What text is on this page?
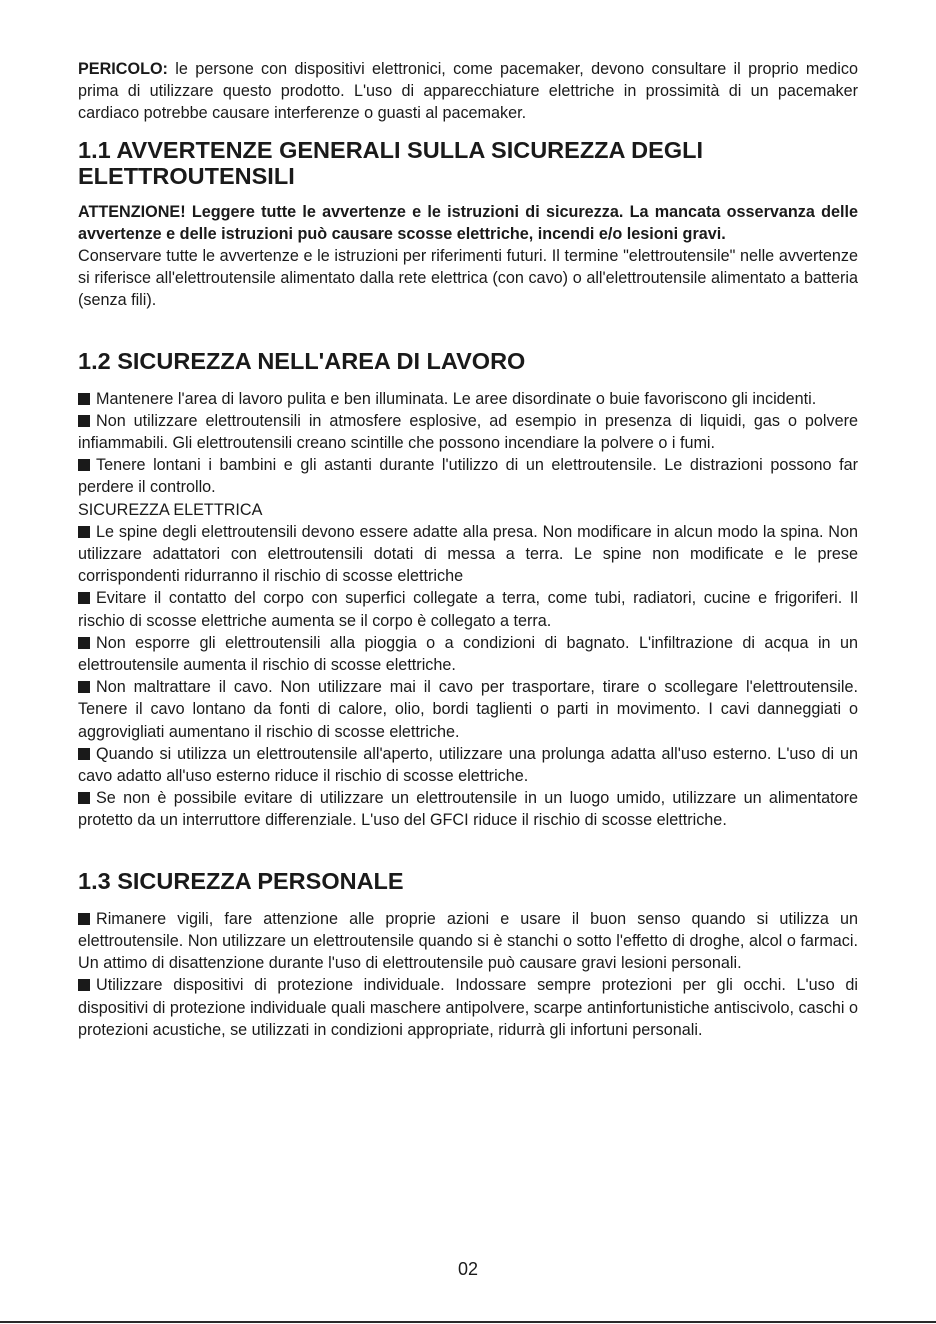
PERICOLO: le persone con dispositivi elettronici, come pacemaker, devono consultare il proprio medico prima di utilizzare questo prodotto. L'uso di apparecchiature elettriche in prossimità di un pacemaker cardiaco potrebbe causare interferenze o guasti al pacemaker.

1.1 AVVERTENZE GENERALI SULLA SICUREZZA DEGLI ELETTROUTENSILI

ATTENZIONE! Leggere tutte le avvertenze e le istruzioni di sicurezza. La mancata osservanza delle avvertenze e delle istruzioni può causare scosse elettriche, incendi e/o lesioni gravi.

Conservare tutte le avvertenze e le istruzioni per riferimenti futuri. Il termine "elettroutensile" nelle avvertenze si riferisce all'elettroutensile alimentato dalla rete elettrica (con cavo) o all'elettroutensile alimentato a batteria (senza fili).

1.2 SICUREZZA NELL'AREA DI LAVORO

Mantenere l'area di lavoro pulita e ben illuminata. Le aree disordinate o buie favoriscono gli incidenti.

Non utilizzare elettroutensili in atmosfere esplosive, ad esempio in presenza di liquidi, gas o polvere infiammabili. Gli elettroutensili creano scintille che possono incendiare la polvere o i fumi.

Tenere lontani i bambini e gli astanti durante l'utilizzo di un elettroutensile. Le distrazioni possono far perdere il controllo.

SICUREZZA ELETTRICA

Le spine degli elettroutensili devono essere adatte alla presa. Non modificare in alcun modo la spina. Non utilizzare adattatori con elettroutensili dotati di messa a terra. Le spine non modificate e le prese corrispondenti ridurranno il rischio di scosse elettriche

Evitare il contatto del corpo con superfici collegate a terra, come tubi, radiatori, cucine e frigoriferi. Il rischio di scosse elettriche aumenta se il corpo è collegato a terra.

Non esporre gli elettroutensili alla pioggia o a condizioni di bagnato. L'infiltrazione di acqua in un elettroutensile aumenta il rischio di scosse elettriche.

Non maltrattare il cavo. Non utilizzare mai il cavo per trasportare, tirare o scollegare l'elettroutensile. Tenere il cavo lontano da fonti di calore, olio, bordi taglienti o parti in movimento. I cavi danneggiati o aggrovigliati aumentano il rischio di scosse elettriche.

Quando si utilizza un elettroutensile all'aperto, utilizzare una prolunga adatta all'uso esterno. L'uso di un cavo adatto all'uso esterno riduce il rischio di scosse elettriche.

Se non è possibile evitare di utilizzare un elettroutensile in un luogo umido, utilizzare un alimentatore protetto da un interruttore differenziale. L'uso del GFCI riduce il rischio di scosse elettriche.

1.3 SICUREZZA PERSONALE

Rimanere vigili, fare attenzione alle proprie azioni e usare il buon senso quando si utilizza un elettroutensile. Non utilizzare un elettroutensile quando si è stanchi o sotto l'effetto di droghe, alcol o farmaci. Un attimo di disattenzione durante l'uso di elettroutensile può causare gravi lesioni personali.

Utilizzare dispositivi di protezione individuale. Indossare sempre protezioni per gli occhi. L'uso di dispositivi di protezione individuale quali maschere antipolvere, scarpe antinfortunistiche antiscivolo, caschi o protezioni acustiche, se utilizzati in condizioni appropriate, ridurrà gli infortuni personali.

02
